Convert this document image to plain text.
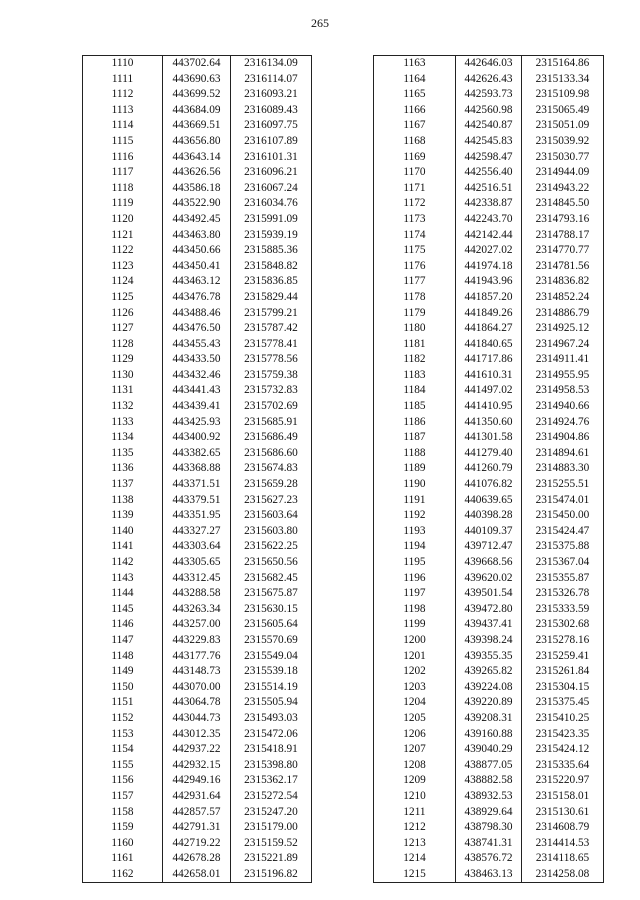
265
1110	443702.64	2316134.09
1111	443690.63	2316114.07
1112	443699.52	2316093.21
1113	443684.09	2316089.43
1114	443669.51	2316097.75
1115	443656.80	2316107.89
1116	443643.14	2316101.31
1117	443626.56	2316096.21
1118	443586.18	2316067.24
1119	443522.90	2316034.76
1120	443492.45	2315991.09
1121	443463.80	2315939.19
1122	443450.66	2315885.36
1123	443450.41	2315848.82
1124	443463.12	2315836.85
1125	443476.78	2315829.44
1126	443488.46	2315799.21
1127	443476.50	2315787.42
1128	443455.43	2315778.41
1129	443433.50	2315778.56
1130	443432.46	2315759.38
1131	443441.43	2315732.83
1132	443439.41	2315702.69
1133	443425.93	2315685.91
1134	443400.92	2315686.49
1135	443382.65	2315686.60
1136	443368.88	2315674.83
1137	443371.51	2315659.28
1138	443379.51	2315627.23
1139	443351.95	2315603.64
1140	443327.27	2315603.80
1141	443303.64	2315622.25
1142	443305.65	2315650.56
1143	443312.45	2315682.45
1144	443288.58	2315675.87
1145	443263.34	2315630.15
1146	443257.00	2315605.64
1147	443229.83	2315570.69
1148	443177.76	2315549.04
1149	443148.73	2315539.18
1150	443070.00	2315514.19
1151	443064.78	2315505.94
1152	443044.73	2315493.03
1153	443012.35	2315472.06
1154	442937.22	2315418.91
1155	442932.15	2315398.80
1156	442949.16	2315362.17
1157	442931.64	2315272.54
1158	442857.57	2315247.20
1159	442791.31	2315179.00
1160	442719.22	2315159.52
1161	442678.28	2315221.89
1162	442658.01	2315196.82
1163	442646.03	2315164.86
1164	442626.43	2315133.34
1165	442593.73	2315109.98
1166	442560.98	2315065.49
1167	442540.87	2315051.09
1168	442545.83	2315039.92
1169	442598.47	2315030.77
1170	442556.40	2314944.09
1171	442516.51	2314943.22
1172	442338.87	2314845.50
1173	442243.70	2314793.16
1174	442142.44	2314788.17
1175	442027.02	2314770.77
1176	441974.18	2314781.56
1177	441943.96	2314836.82
1178	441857.20	2314852.24
1179	441849.26	2314886.79
1180	441864.27	2314925.12
1181	441840.65	2314967.24
1182	441717.86	2314911.41
1183	441610.31	2314955.95
1184	441497.02	2314958.53
1185	441410.95	2314940.66
1186	441350.60	2314924.76
1187	441301.58	2314904.86
1188	441279.40	2314894.61
1189	441260.79	2314883.30
1190	441076.82	2315255.51
1191	440639.65	2315474.01
1192	440398.28	2315450.00
1193	440109.37	2315424.47
1194	439712.47	2315375.88
1195	439668.56	2315367.04
1196	439620.02	2315355.87
1197	439501.54	2315326.78
1198	439472.80	2315333.59
1199	439437.41	2315302.68
1200	439398.24	2315278.16
1201	439355.35	2315259.41
1202	439265.82	2315261.84
1203	439224.08	2315304.15
1204	439220.89	2315375.45
1205	439208.31	2315410.25
1206	439160.88	2315423.35
1207	439040.29	2315424.12
1208	438877.05	2315335.64
1209	438882.58	2315220.97
1210	438932.53	2315158.01
1211	438929.64	2315130.61
1212	438798.30	2314608.79
1213	438741.31	2314414.53
1214	438576.72	2314118.65
1215	438463.13	2314258.08
